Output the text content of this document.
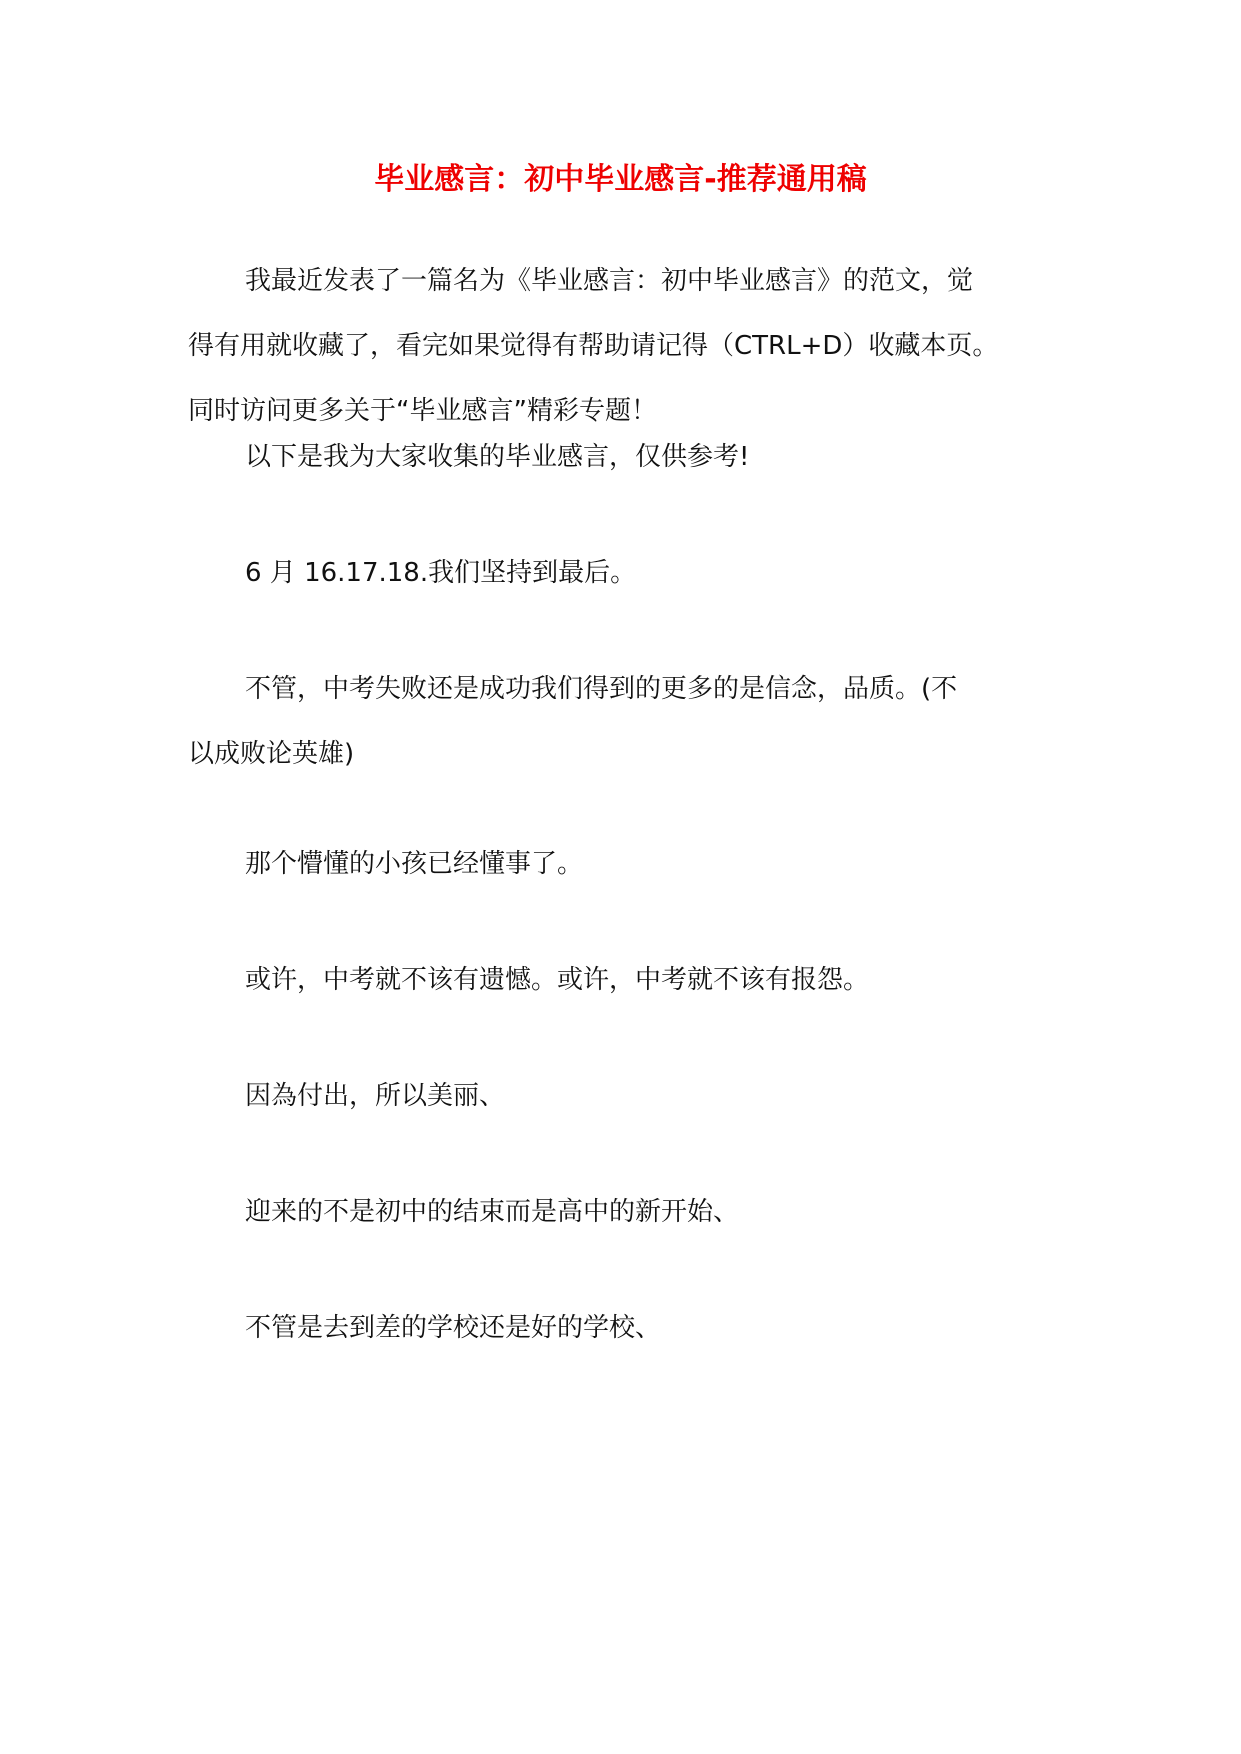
毕业感言：初中毕业感言-推荐通用稿
我最近发表了一篇名为《毕业感言：初中毕业感言》的范文，觉
得有用就收藏了，看完如果觉得有帮助请记得（CTRL+D）收藏本页。
同时访问更多关于“毕业感言”精彩专题！
以下是我为大家收集的毕业感言，仅供参考!
6 月 16.17.18.我们坚持到最后。
不管，中考失败还是成功我们得到的更多的是信念，品质。(不
以成败论英雄)
那个懵懂的小孩已经懂事了。
或许，中考就不该有遗憾。或许，中考就不该有报怨。
因為付出，所以美丽、
迎来的不是初中的结束而是高中的新开始、
不管是去到差的学校还是好的学校、
